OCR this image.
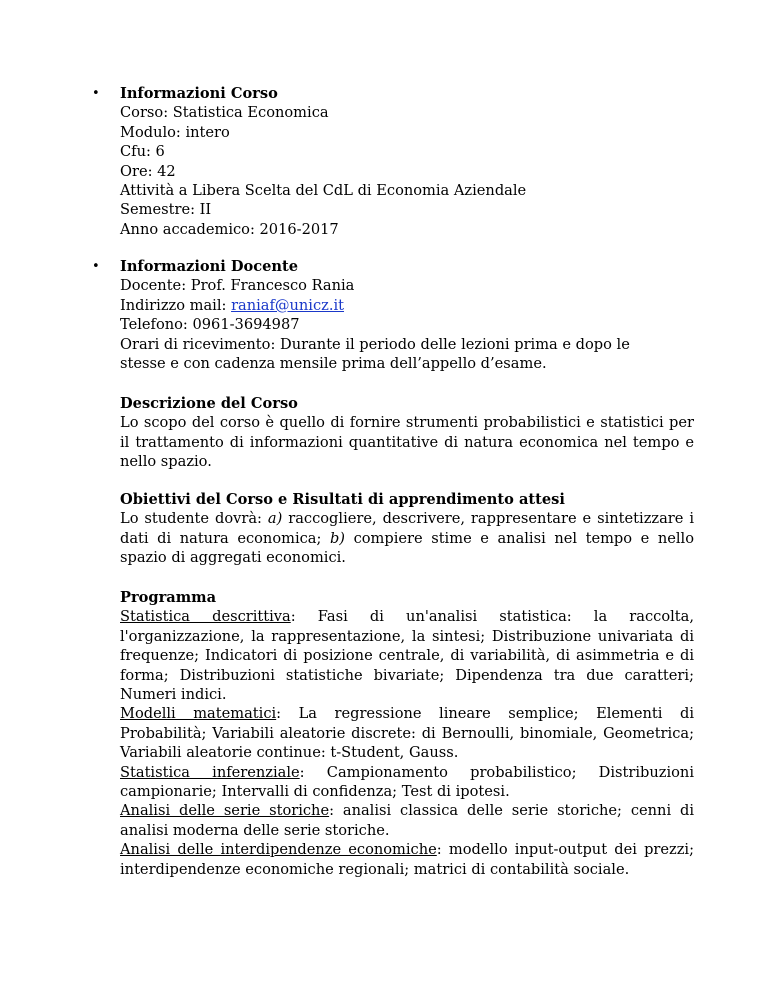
• Informazioni Corso
Corso: Statistica Economica
Modulo: intero
Cfu: 6
Ore: 42
Attività a Libera Scelta del CdL di Economia Aziendale
Semestre: II
Anno accademico: 2016-2017
• Informazioni Docente
Docente: Prof. Francesco Rania
Indirizzo mail: raniaf@unicz.it
Telefono: 0961-3694987
Orari di ricevimento: Durante il periodo delle lezioni prima e dopo le
stesse e con cadenza mensile prima dell’appello d’esame.
Descrizione del Corso
Lo scopo del corso è quello di fornire strumenti probabilistici e statistici per il trattamento di informazioni quantitative di natura economica nel tempo e nello spazio.
Obiettivi del Corso e Risultati di apprendimento attesi
Lo studente dovrà: a) raccogliere, descrivere, rappresentare e sintetizzare i dati di natura economica; b) compiere stime e analisi nel tempo e nello spazio di aggregati economici.
Programma
Statistica descrittiva: Fasi di un'analisi statistica: la raccolta, l'organizzazione, la rappresentazione, la sintesi; Distribuzione univariata di frequenze; Indicatori di posizione centrale, di variabilità, di asimmetria e di forma; Distribuzioni statistiche bivariate; Dipendenza tra due caratteri; Numeri indici.
Modelli matematici: La regressione lineare semplice; Elementi di Probabilità; Variabili aleatorie discrete: di Bernoulli, binomiale, Geometrica; Variabili aleatorie continue: t-Student, Gauss.
Statistica inferenziale: Campionamento probabilistico; Distribuzioni campionarie; Intervalli di confidenza; Test di ipotesi.
Analisi delle serie storiche: analisi classica delle serie storiche; cenni di analisi moderna delle serie storiche.
Analisi delle interdipendenze economiche: modello input-output dei prezzi; interdipendenze economiche regionali; matrici di contabilità sociale.
